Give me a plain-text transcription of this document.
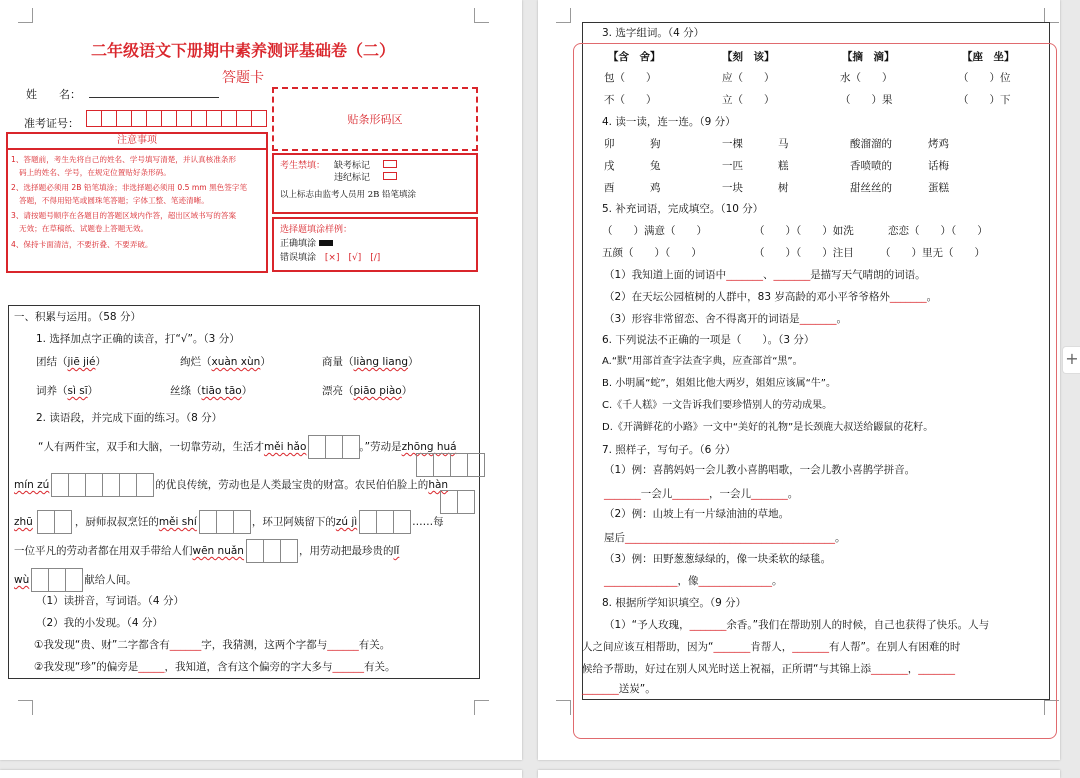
二年级语文下册期中素养测评基础卷（二）
答题卡
姓　　名：
准考证号：	贴条形码区
注意事项
1、答题前，考生先将自己的姓名、学号填写清楚，并认真核准条形
码上的姓名、学号，在规定位置贴好条形码。
2、选择题必须用 2B 铅笔填涂；非选择题必须用 0.5 mm 黑色签字笔
答题，不得用铅笔或圆珠笔答题；字体工整、笔迹清晰。
3、请按题号顺序在各题目的答题区域内作答，超出区域书写的答案
无效；在草稿纸、试题卷上答题无效。
4、保持卡面清洁，不要折叠、不要弄破。
考生禁填： 缺考标记
违纪标记
以上标志由监考人员用 2B 铅笔填涂
选择题填涂样例：
正确填涂
错误填涂 [×]　[√]　[/]
一、积累与运用。（58 分）
1. 选择加点字正确的读音，打“√”。（3 分）
团结（jiē jié）	绚烂（xuàn xùn）	商量（liàng liang）
词养（sì sī）	丝绦（tiāo tāo）	漂亮（piāo piào）
2. 读语段，并完成下面的练习。（8 分）
“人有两件宝，双手和大脑，一切靠劳动，生活才měi hǎo	。”劳动是zhōng huá
mín zú	的优良传统，劳动也是人类最宝贵的财富。农民伯伯脸上的hàn
zhū	，厨师叔叔烹饪的měi shí	，环卫阿姨留下的zú jì	……每
一位平凡的劳动者都在用双手带给人们wēn nuǎn	，用劳动把最珍贵的lǐ
wù	献给人间。
（1）读拼音，写词语。（4 分）
（2）我的小发现。（4 分）
①我发现“贵、财”二字都含有______字，我猜测，这两个字都与______有关。
②我发现“珍”的偏旁是_____，我知道，含有这个偏旁的字大多与______有关。
3. 选字组词。（4 分）
【含　舍】	【刻　该】	【摘　滴】	【座　坐】
包（　　）	应（　　）	水（　　）	（　　）位
不（　　）	立（　　）	（　　）果	（　　）下
4. 读一读，连一连。（9 分）
卯	狗	一棵	马	酸溜溜的	烤鸡
戌	兔	一匹	糕	香喷喷的	话梅
酉	鸡	一块	树	甜丝丝的	蛋糕
5. 补充词语，完成填空。（10 分）
（　　）满意（　　）	（　　）（　　）如洗	恋恋（　　）（　　）
五颜（　　）（　　）	（　　）（　　）注目	（　　）里无（　　）
（1）我知道上面的词语中_______、_______是描写天气晴朗的词语。
（2）在天坛公园植树的人群中，83 岁高龄的邓小平爷爷格外_______。
（3）形容非常留恋、舍不得离开的词语是_______。
6. 下列说法不正确的一项是（　　）。（3 分）
A.“默”用部首查字法查字典，应查部首“黑”。
B. 小明属“蛇”，姐姐比他大两岁，姐姐应该属“牛”。
C.《千人糕》一文告诉我们要珍惜别人的劳动成果。
D.《开满鲜花的小路》一文中“美好的礼物”是长颈鹿大叔送给鼹鼠的花籽。
7. 照样子，写句子。（6 分）
（1）例：喜鹊妈妈一会儿教小喜鹊唱歌，一会儿教小喜鹊学拼音。
_______一会儿_______，一会儿_______。
（2）例：山坡上有一片绿油油的草地。
屋后________________________________________。
（3）例：田野葱葱绿绿的，像一块柔软的绿毯。
______________，像______________。
8. 根据所学知识填空。（9 分）
（1）“予人玫瑰，_______余香。”我们在帮助别人的时候，自己也获得了快乐。人与
人之间应该互相帮助，因为“_______肯帮人，_______有人帮”。在别人有困难的时
候给予帮助，好过在别人风光时送上祝福，正所谓“与其锦上添_______，_______
_______送炭”。
+
